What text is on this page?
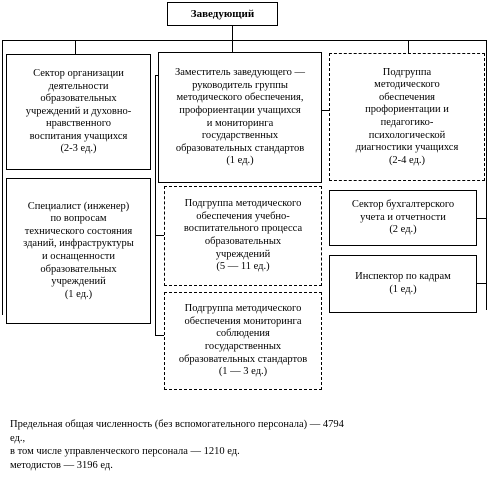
Заведующий
Сектор организации
деятельности
образовательных
учреждений и духовно-
нравственного
воспитания учащихся
(2-3 ед.)
Специалист (инженер)
по вопросам
технического состояния
зданий, инфраструктуры
и оснащенности
образовательных
учреждений
(1 ед.)
Заместитель заведующего —
руководитель группы
методического обеспечения,
профориентации учащихся
и мониторинга
государственных
образовательных стандартов
(1 ед.)
Подгруппа методического
обеспечения учебно-
воспитательного процесса
образовательных
учреждений
(5 — 11 ед.)
Подгруппа методического
обеспечения мониторинга
соблюдения
государственных
образовательных стандартов
(1 — 3 ед.)
Подгруппа
методического
обеспечения
профориентации и
педагогико-
психологической
диагностики учащихся
(2-4 ед.)
Сектор бухгалтерского
учета и отчетности
(2 ед.)
Инспектор по кадрам
(1 ед.)
Предельная общая численность (без вспомогательного персонала) — 4794
ед.,
в том числе управленческого персонала — 1210 ед.
методистов — 3196 ед.
